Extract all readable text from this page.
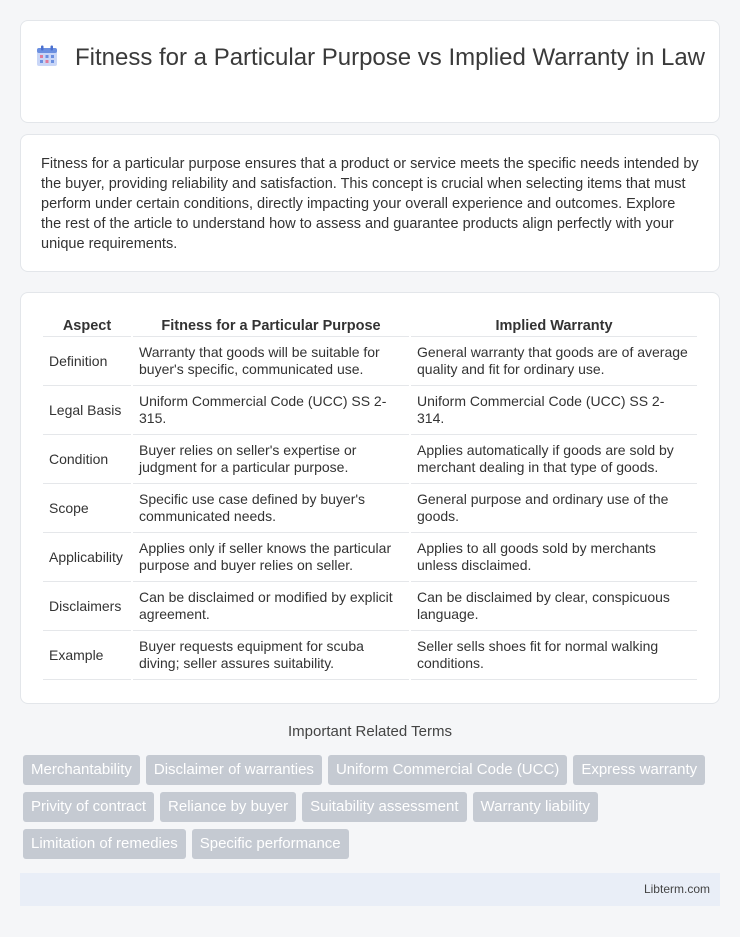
Fitness for a Particular Purpose vs Implied Warranty in Law

Fitness for a particular purpose ensures that a product or service meets the specific needs intended by the buyer, providing reliability and satisfaction. This concept is crucial when selecting items that must perform under certain conditions, directly impacting your overall experience and outcomes. Explore the rest of the article to understand how to assess and guarantee products align perfectly with your unique requirements.

Aspect	Fitness for a Particular Purpose	Implied Warranty
Definition	Warranty that goods will be suitable for buyer's specific, communicated use.	General warranty that goods are of average quality and fit for ordinary use.
Legal Basis	Uniform Commercial Code (UCC) SS 2-315.	Uniform Commercial Code (UCC) SS 2-314.
Condition	Buyer relies on seller's expertise or judgment for a particular purpose.	Applies automatically if goods are sold by merchant dealing in that type of goods.
Scope	Specific use case defined by buyer's communicated needs.	General purpose and ordinary use of the goods.
Applicability	Applies only if seller knows the particular purpose and buyer relies on seller.	Applies to all goods sold by merchants unless disclaimed.
Disclaimers	Can be disclaimed or modified by explicit agreement.	Can be disclaimed by clear, conspicuous language.
Example	Buyer requests equipment for scuba diving; seller assures suitability.	Seller sells shoes fit for normal walking conditions.
Important Related Terms
Merchantability	Disclaimer of warranties	Uniform Commercial Code (UCC)	Express warranty
Privity of contract	Reliance by buyer	Suitability assessment	Warranty liability
Limitation of remedies	Specific performance
Libterm.com
